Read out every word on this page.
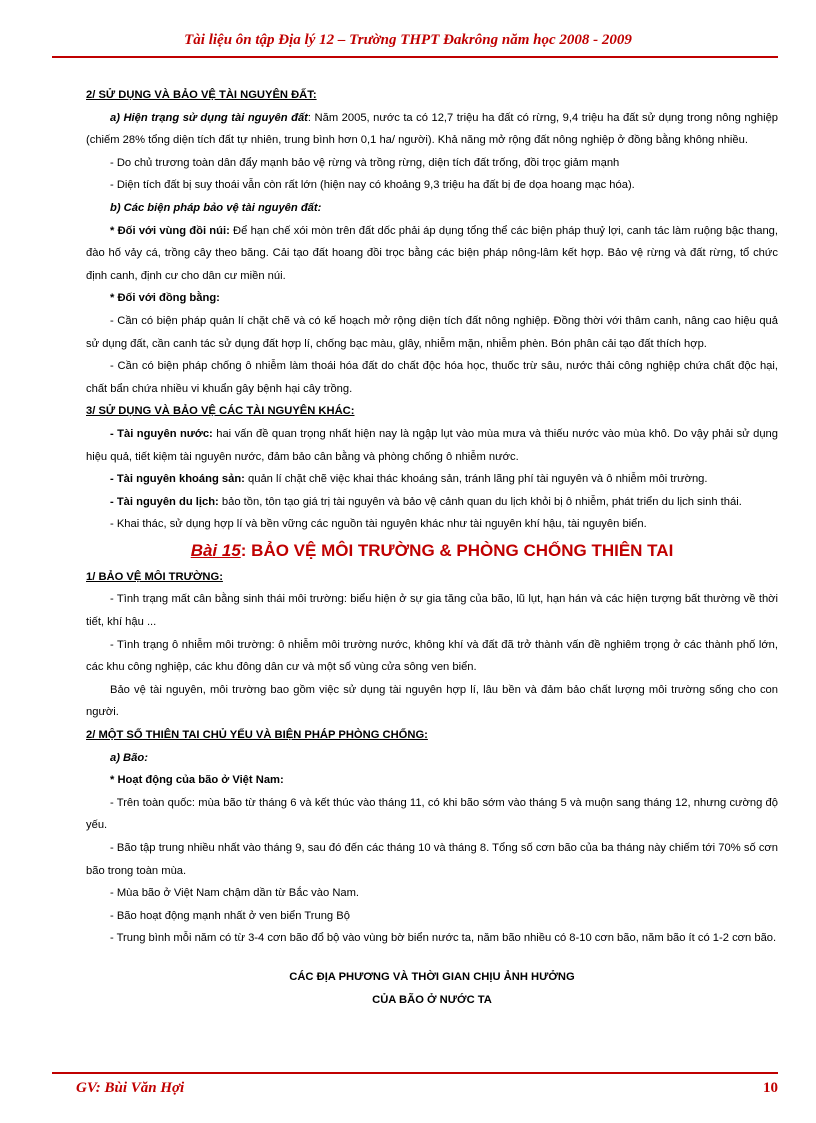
Tài liệu ôn tập Địa lý 12 – Trường THPT Đakrông năm học 2008 - 2009

2/ SỬ DỤNG VÀ BẢO VỆ TÀI NGUYÊN ĐẤT:

a) Hiện trạng sử dụng tài nguyên đất: Năm 2005, nước ta có 12,7 triệu ha đất có rừng, 9,4 triệu ha đất sử dụng trong nông nghiệp (chiếm 28% tổng diện tích đất tự nhiên, trung bình hơn 0,1 ha/ người). Khả năng mở rộng đất nông nghiệp ở đồng bằng không nhiều.

- Do chủ trương toàn dân đẩy mạnh bảo vệ rừng và trồng rừng, diện tích đất trống, đồi trọc giảm mạnh

- Diện tích đất bị suy thoái vẫn còn rất lớn (hiện nay có khoảng 9,3 triệu ha đất bị đe dọa hoang mạc hóa).

b) Các biện pháp bảo vệ tài nguyên đất:

* Đối với vùng đồi núi: Để hạn chế xói mòn trên đất dốc phải áp dụng tổng thể các biện pháp thuỷ lợi, canh tác làm ruộng bậc thang, đào hố vảy cá, trồng cây theo băng. Cải tạo đất hoang đồi trọc bằng các biện pháp nông-lâm kết hợp. Bảo vệ rừng và đất rừng, tổ chức định canh, định cư cho dân cư miền núi.

* Đối với đồng bằng:

- Cần có biện pháp quản lí chặt chẽ và có kế hoạch mở rộng diện tích đất nông nghiệp. Đồng thời với thâm canh, nâng cao hiệu quả sử dụng đất, cần canh tác sử dụng đất hợp lí, chống bạc màu, glây, nhiễm mặn, nhiễm phèn. Bón phân cải tạo đất thích hợp.

- Cần có biện pháp chống ô nhiễm làm thoái hóa đất do chất độc hóa học, thuốc trừ sâu, nước thải công nghiệp chứa chất độc hại, chất bẩn chứa nhiều vi khuẩn gây bệnh hại cây trồng.

3/ SỬ DỤNG VÀ BẢO VỆ CÁC TÀI NGUYÊN KHÁC:

- Tài nguyên nước: hai vấn đề quan trọng nhất hiện nay là ngập lụt vào mùa mưa và thiếu nước vào mùa khô. Do vậy phải sử dụng hiệu quả, tiết kiệm tài nguyên nước, đảm bảo cân bằng và phòng chống ô nhiễm nước.

- Tài nguyên khoáng sản: quản lí chặt chẽ việc khai thác khoáng sản, tránh lãng phí tài nguyên và ô nhiễm môi trường.

- Tài nguyên du lịch: bảo tồn, tôn tạo giá trị tài nguyên và bảo vệ cảnh quan du lịch khỏi bị ô nhiễm, phát triển du lịch sinh thái.

- Khai thác, sử dụng hợp lí và bền vững các nguồn tài nguyên khác như tài nguyên khí hậu, tài nguyên biển.

Bài 15: BẢO VỆ MÔI TRƯỜNG & PHÒNG CHỐNG THIÊN TAI

1/ BẢO VỆ MÔI TRƯỜNG:

- Tình trạng mất cân bằng sinh thái môi trường: biểu hiện ở sự gia tăng của bão, lũ lụt, hạn hán và các hiện tượng bất thường về thời tiết, khí hậu ...

- Tình trạng ô nhiễm môi trường: ô nhiễm môi trường nước, không khí và đất đã trở thành vấn đề nghiêm trọng ở các thành phố lớn, các khu công nghiệp, các khu đông dân cư và một số vùng cửa sông ven biển.

Bảo vệ tài nguyên, môi trường bao gồm việc sử dụng tài nguyên hợp lí, lâu bền và đảm bảo chất lượng môi trường sống cho con người.

2/ MỘT SỐ THIÊN TAI CHỦ YẾU VÀ BIỆN PHÁP PHÒNG CHỐNG:

a) Bão:

* Hoạt động của bão ở Việt Nam:

- Trên toàn quốc: mùa bão từ tháng 6 và kết thúc vào tháng 11, có khi bão sớm vào tháng 5 và muộn sang tháng 12, nhưng cường độ yếu.

- Bão tập trung nhiều nhất vào tháng 9, sau đó đến các tháng 10 và tháng 8. Tổng số cơn bão của ba tháng này chiếm tới 70% số cơn bão trong toàn mùa.

- Mùa bão ở Việt Nam chậm dần từ Bắc vào Nam.

- Bão hoạt động mạnh nhất ở ven biển Trung Bộ

- Trung bình mỗi năm có từ 3-4 cơn bão đổ bộ vào vùng bờ biển nước ta, năm bão nhiều có 8-10 cơn bão, năm bão ít có 1-2 cơn bão.

CÁC ĐỊA PHƯƠNG VÀ THỜI GIAN CHỊU ẢNH HƯỞNG

CỦA BÃO Ở NƯỚC TA

GV: Bùi Văn Hợi	10
